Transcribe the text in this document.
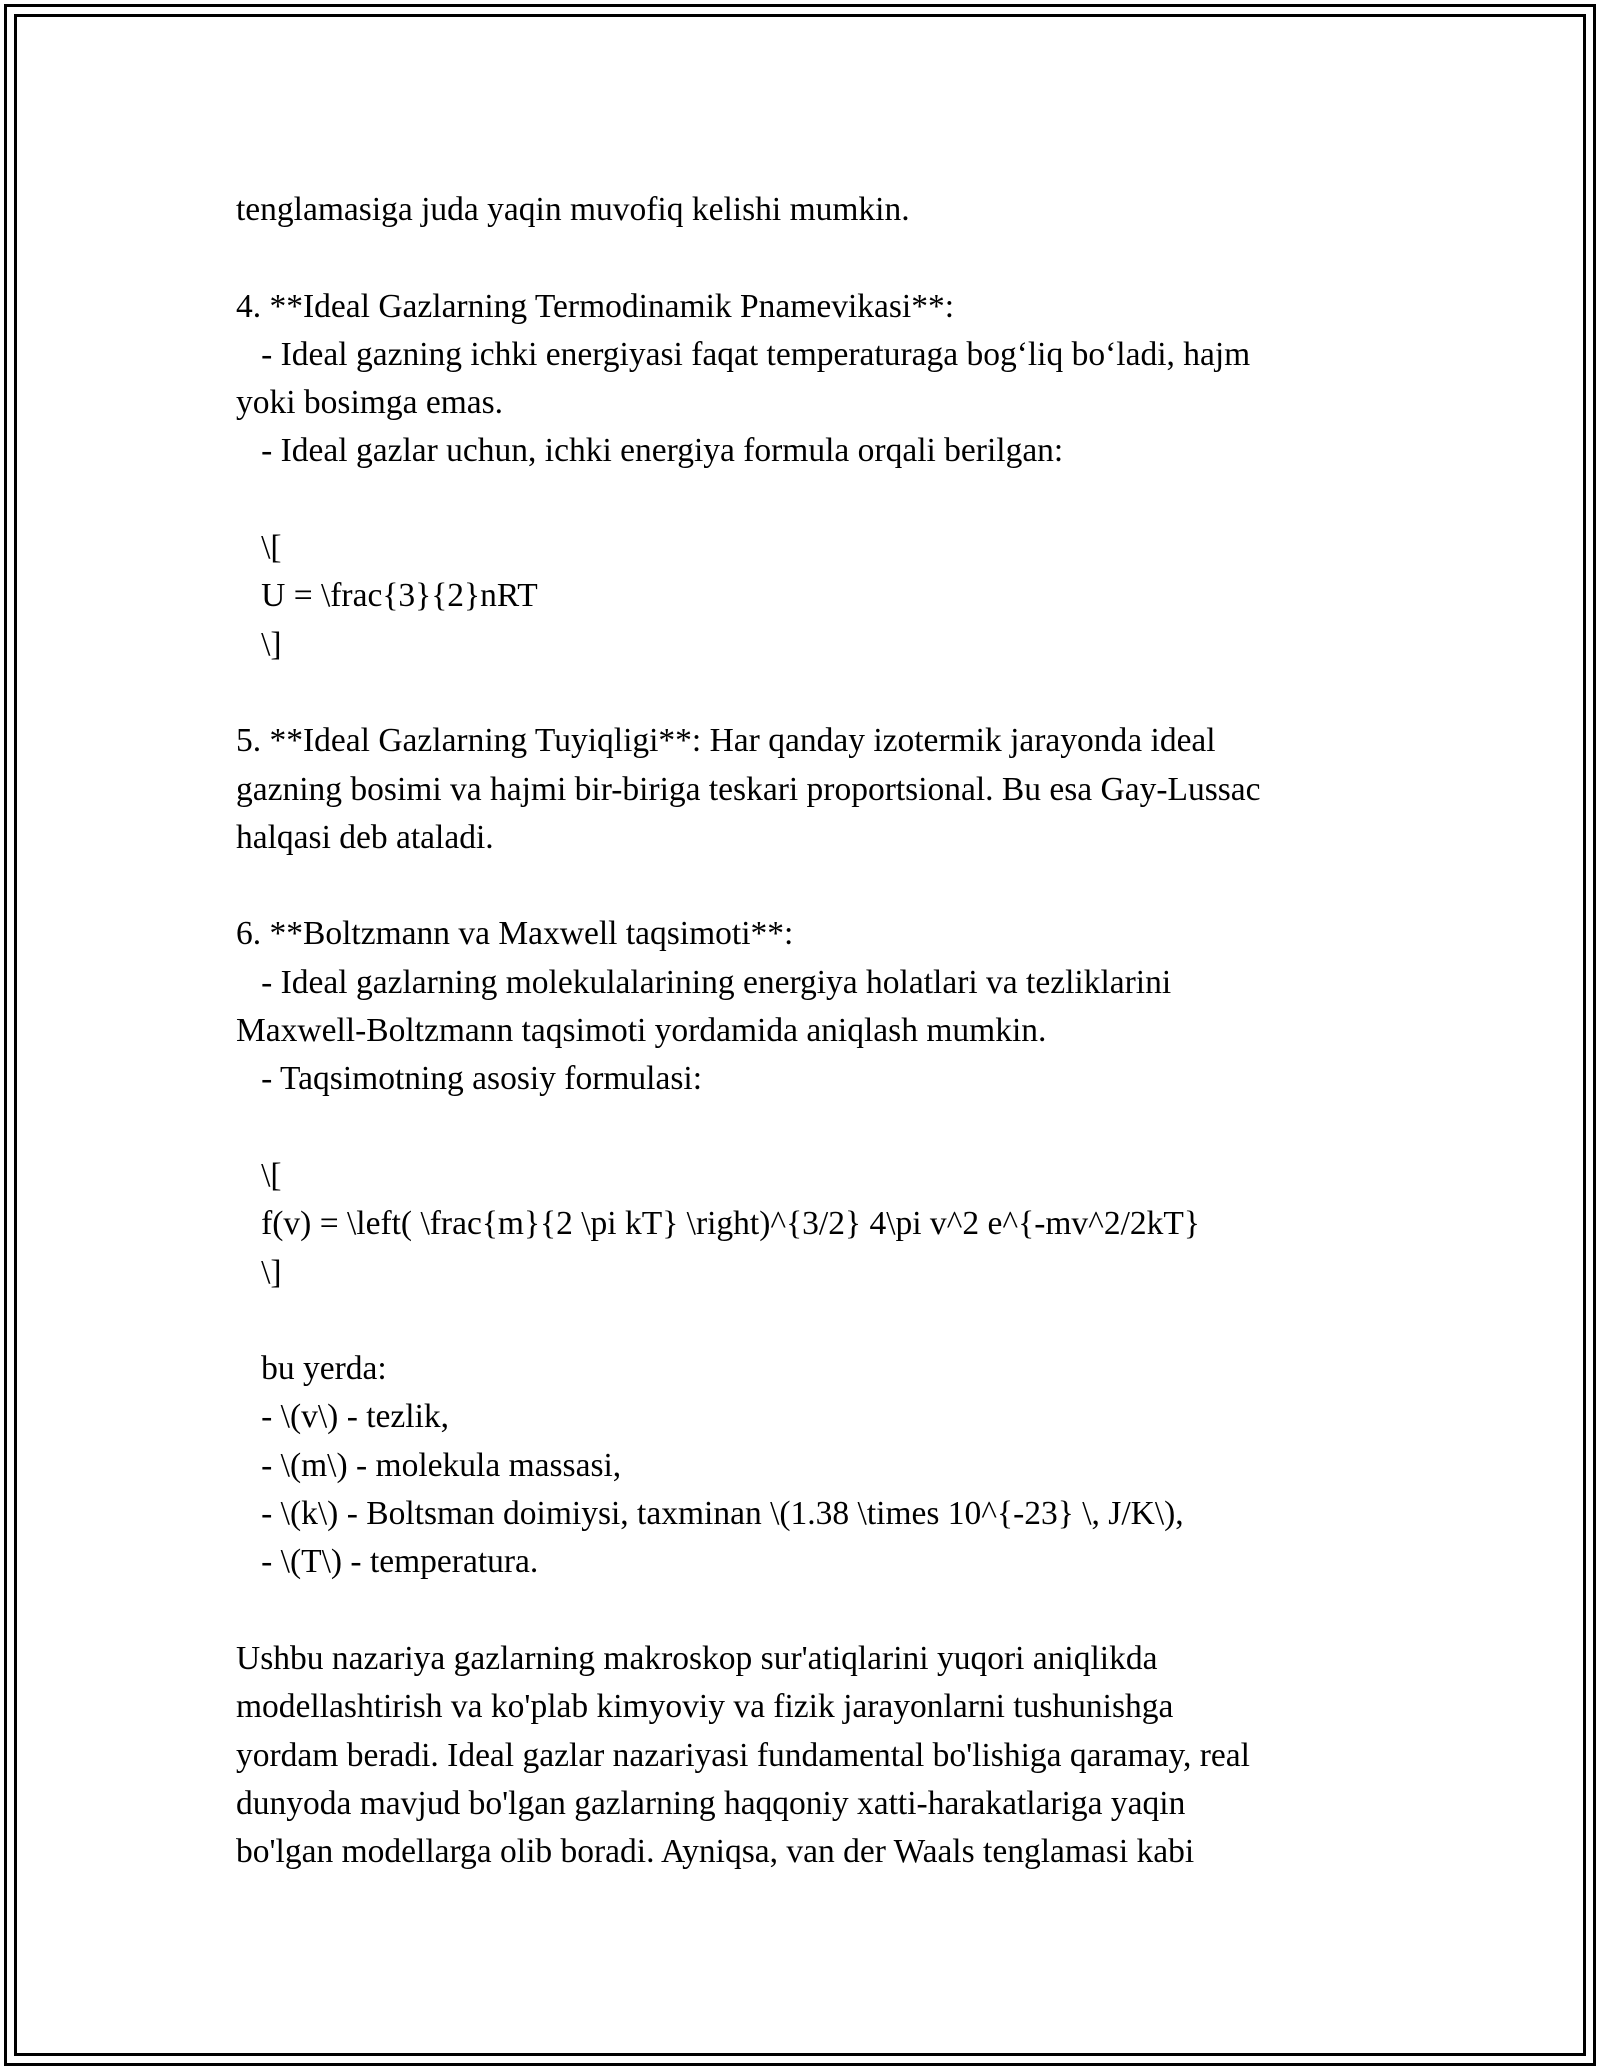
tenglamasiga juda yaqin muvofiq kelishi mumkin.
4. **Ideal Gazlarning Termodinamik Pnamevikasi**:
- Ideal gazning ichki energiyasi faqat temperaturaga bog‘liq bo‘ladi, hajm
yoki bosimga emas.
- Ideal gazlar uchun, ichki energiya formula orqali berilgan:
\[
U = \frac{3}{2}nRT
\]
5. **Ideal Gazlarning Tuyiqligi**: Har qanday izotermik jarayonda ideal
gazning bosimi va hajmi bir-biriga teskari proportsional. Bu esa Gay-Lussac
halqasi deb ataladi.
6. **Boltzmann va Maxwell taqsimoti**:
- Ideal gazlarning molekulalarining energiya holatlari va tezliklarini
Maxwell-Boltzmann taqsimoti yordamida aniqlash mumkin.
- Taqsimotning asosiy formulasi:
\[
f(v) = \left( \frac{m}{2 \pi kT} \right)^{3/2} 4\pi v^2 e^{-mv^2/2kT}
\]
bu yerda:
- \(v\) - tezlik,
- \(m\) - molekula massasi,
- \(k\) - Boltsman doimiysi, taxminan \(1.38 \times 10^{-23} \, J/K\),
- \(T\) - temperatura.
Ushbu nazariya gazlarning makroskop sur'atiqlarini yuqori aniqlikda
modellashtirish va ko'plab kimyoviy va fizik jarayonlarni tushunishga
yordam beradi. Ideal gazlar nazariyasi fundamental bo'lishiga qaramay, real
dunyoda mavjud bo'lgan gazlarning haqqoniy xatti-harakatlariga yaqin
bo'lgan modellarga olib boradi. Ayniqsa, van der Waals tenglamasi kabi
